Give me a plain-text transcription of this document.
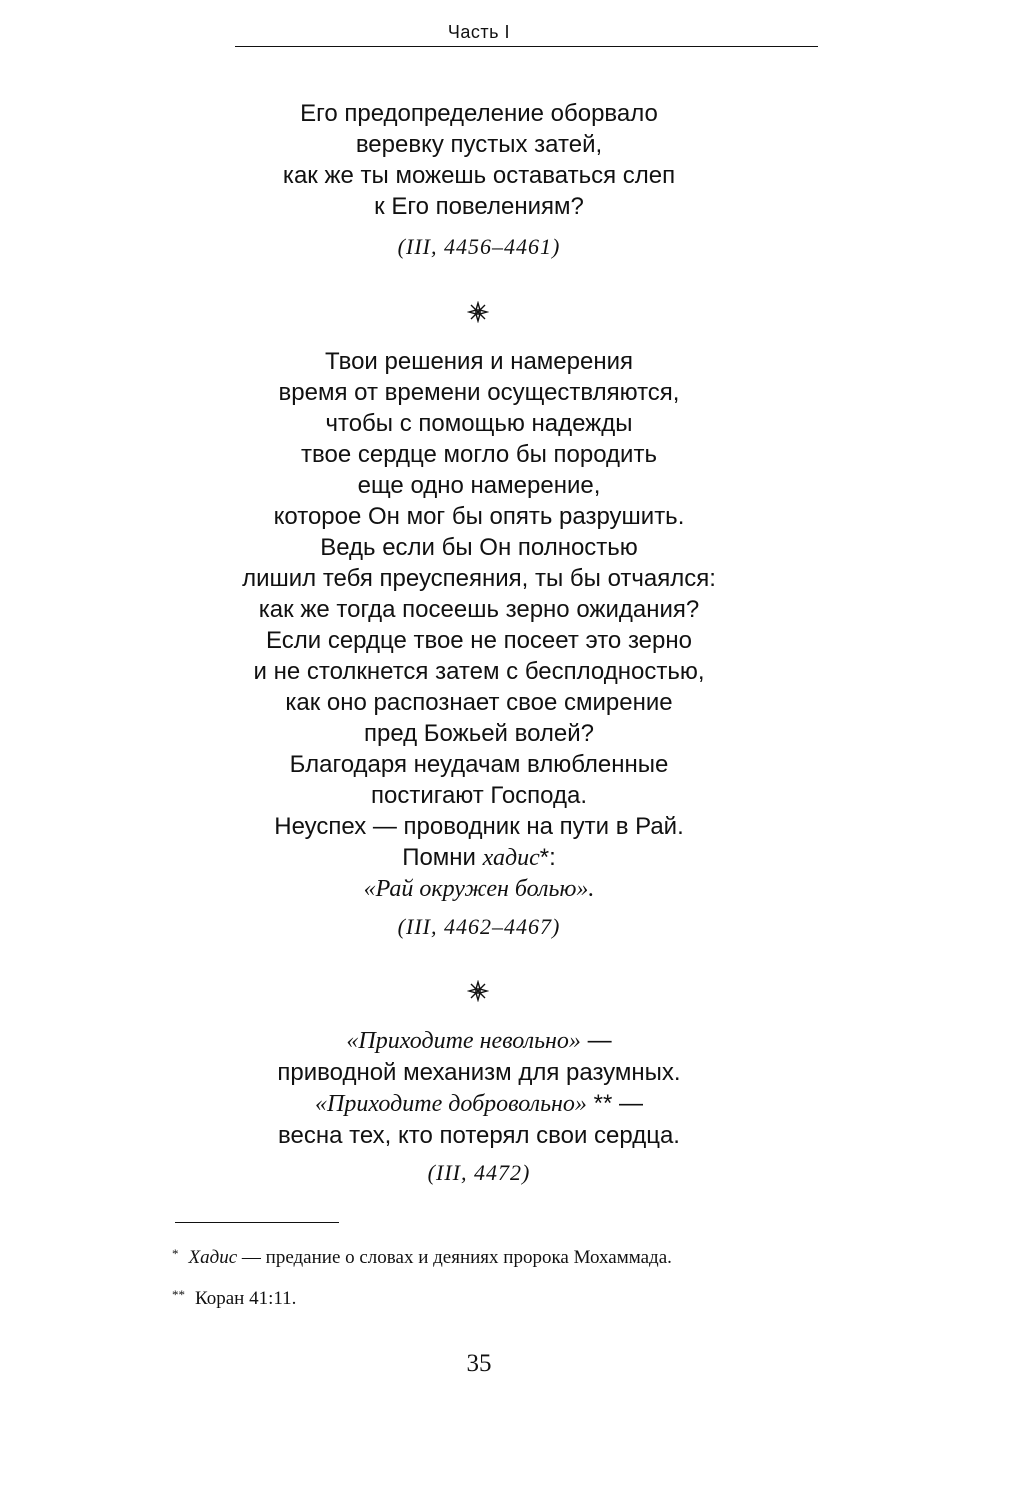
Часть I
Его предопределение оборвало
веревку пустых затей,
как же ты можешь оставаться слеп
к Его повелениям?
(III, 4456–4461)
Твои решения и намерения
время от времени осуществляются,
чтобы с помощью надежды
твое сердце могло бы породить
еще одно намерение,
которое Он мог бы опять разрушить.
Ведь если бы Он полностью
лишил тебя преуспеяния, ты бы отчаялся:
как же тогда посеешь зерно ожидания?
Если сердце твое не посеет это зерно
и не столкнется затем с бесплодностью,
как оно распознает свое смирение
пред Божьей волей?
Благодаря неудачам влюбленные
постигают Господа.
Неуспех — проводник на пути в Рай.
Помни хадис*:
«Рай окружен болью».
(III, 4462–4467)
«Приходите невольно» —
приводной механизм для разумных.
«Приходите добровольно» ** —
весна тех, кто потерял свои сердца.
(III, 4472)
* Хадис — предание о словах и деяниях пророка Мохаммада.
** Коран 41:11.
35
